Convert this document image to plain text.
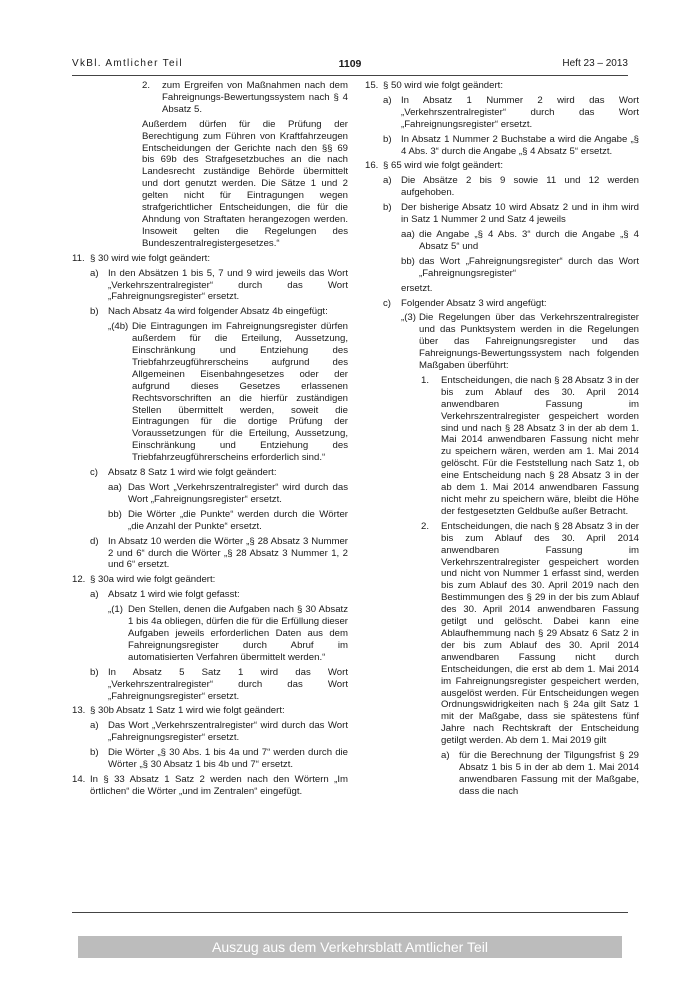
VkBl. Amtlicher Teil	1109	Heft 23 – 2013
2. zum Ergreifen von Maßnahmen nach dem Fahreignungs-Bewertungssystem nach § 4 Absatz 5.
Außerdem dürfen für die Prüfung der Berechtigung zum Führen von Kraftfahrzeugen Entscheidungen der Gerichte nach den §§ 69 bis 69b des Strafgesetzbuches an die nach Landesrecht zuständige Behörde übermittelt und dort genutzt werden. Die Sätze 1 und 2 gelten nicht für Eintragungen wegen strafgerichtlicher Entscheidungen, die für die Ahndung von Straftaten herangezogen werden. Insoweit gelten die Regelungen des Bundeszentralregistergesetzes.“
11. § 30 wird wie folgt geändert:
a) In den Absätzen 1 bis 5, 7 und 9 wird jeweils das Wort „Verkehrszentralregister“ durch das Wort „Fahreignungsregister“ ersetzt.
b) Nach Absatz 4a wird folgender Absatz 4b eingefügt:
„(4b) Die Eintragungen im Fahreignungsregister dürfen außerdem für die Erteilung, Aussetzung, Einschränkung und Entziehung des Triebfahrzeugführerscheins aufgrund des Allgemeinen Eisenbahngesetzes oder der aufgrund dieses Gesetzes erlassenen Rechtsvorschriften an die hierfür zuständigen Stellen übermittelt werden, soweit die Eintragungen für die dortige Prüfung der Voraussetzungen für die Erteilung, Aussetzung, Einschränkung und Entziehung des Triebfahrzeugführerscheins erforderlich sind.“
c) Absatz 8 Satz 1 wird wie folgt geändert:
aa) Das Wort „Verkehrszentralregister“ wird durch das Wort „Fahreignungsregister“ ersetzt.
bb) Die Wörter „die Punkte“ werden durch die Wörter „die Anzahl der Punkte“ ersetzt.
d) In Absatz 10 werden die Wörter „§ 28 Absatz 3 Nummer 2 und 6“ durch die Wörter „§ 28 Absatz 3 Nummer 1, 2 und 6“ ersetzt.
12. § 30a wird wie folgt geändert:
a) Absatz 1 wird wie folgt gefasst:
„(1) Den Stellen, denen die Aufgaben nach § 30 Absatz 1 bis 4a obliegen, dürfen die für die Erfüllung dieser Aufgaben jeweils erforderlichen Daten aus dem Fahreignungsregister durch Abruf im automatisierten Verfahren übermittelt werden.“
b) In Absatz 5 Satz 1 wird das Wort „Verkehrszentralregister“ durch das Wort „Fahreignungsregister“ ersetzt.
13. § 30b Absatz 1 Satz 1 wird wie folgt geändert:
a) Das Wort „Verkehrszentralregister“ wird durch das Wort „Fahreignungsregister“ ersetzt.
b) Die Wörter „§ 30 Abs. 1 bis 4a und 7“ werden durch die Wörter „§ 30 Absatz 1 bis 4b und 7“ ersetzt.
14. In § 33 Absatz 1 Satz 2 werden nach den Wörtern „Im örtlichen“ die Wörter „und im Zentralen“ eingefügt.
15. § 50 wird wie folgt geändert:
a) In Absatz 1 Nummer 2 wird das Wort „Verkehrszentralregister“ durch das Wort „Fahreignungsregister“ ersetzt.
b) In Absatz 1 Nummer 2 Buchstabe a wird die Angabe „§ 4 Abs. 3“ durch die Angabe „§ 4 Absatz 5“ ersetzt.
16. § 65 wird wie folgt geändert:
a) Die Absätze 2 bis 9 sowie 11 und 12 werden aufgehoben.
b) Der bisherige Absatz 10 wird Absatz 2 und in ihm wird in Satz 1 Nummer 2 und Satz 4 jeweils
aa) die Angabe „§ 4 Abs. 3“ durch die Angabe „§ 4 Absatz 5“ und
bb) das Wort „Fahreignungsregister“ durch das Wort „Fahreignungsregister“
ersetzt.
c) Folgender Absatz 3 wird angefügt:
„(3) Die Regelungen über das Verkehrszentralregister und das Punktsystem werden in die Regelungen über das Fahreignungsregister und das Fahreignungs-Bewertungssystem nach folgenden Maßgaben überführt:
1. Entscheidungen, die nach § 28 Absatz 3 in der bis zum Ablauf des 30. April 2014 anwendbaren Fassung im Verkehrszentralregister gespeichert worden sind und nach § 28 Absatz 3 in der ab dem 1. Mai 2014 anwendbaren Fassung nicht mehr zu speichern wären, werden am 1. Mai 2014 gelöscht. Für die Feststellung nach Satz 1, ob eine Entscheidung nach § 28 Absatz 3 in der ab dem 1. Mai 2014 anwendbaren Fassung nicht mehr zu speichern wäre, bleibt die Höhe der festgesetzten Geldbuße außer Betracht.
2. Entscheidungen, die nach § 28 Absatz 3 in der bis zum Ablauf des 30. April 2014 anwendbaren Fassung im Verkehrszentralregister gespeichert worden und nicht von Nummer 1 erfasst sind, werden bis zum Ablauf des 30. April 2019 nach den Bestimmungen des § 29 in der bis zum Ablauf des 30. April 2014 anwendbaren Fassung getilgt und gelöscht. Dabei kann eine Ablaufhemmung nach § 29 Absatz 6 Satz 2 in der bis zum Ablauf des 30. April 2014 anwendbaren Fassung nicht durch Entscheidungen, die erst ab dem 1. Mai 2014 im Fahreignungsregister gespeichert werden, ausgelöst werden. Für Entscheidungen wegen Ordnungswidrigkeiten nach § 24a gilt Satz 1 mit der Maßgabe, dass sie spätestens fünf Jahre nach Rechtskraft der Entscheidung getilgt werden. Ab dem 1. Mai 2019 gilt
a) für die Berechnung der Tilgungsfrist § 29 Absatz 1 bis 5 in der ab dem 1. Mai 2014 anwendbaren Fassung mit der Maßgabe, dass die nach
Auszug aus dem Verkehrsblatt Amtlicher Teil
